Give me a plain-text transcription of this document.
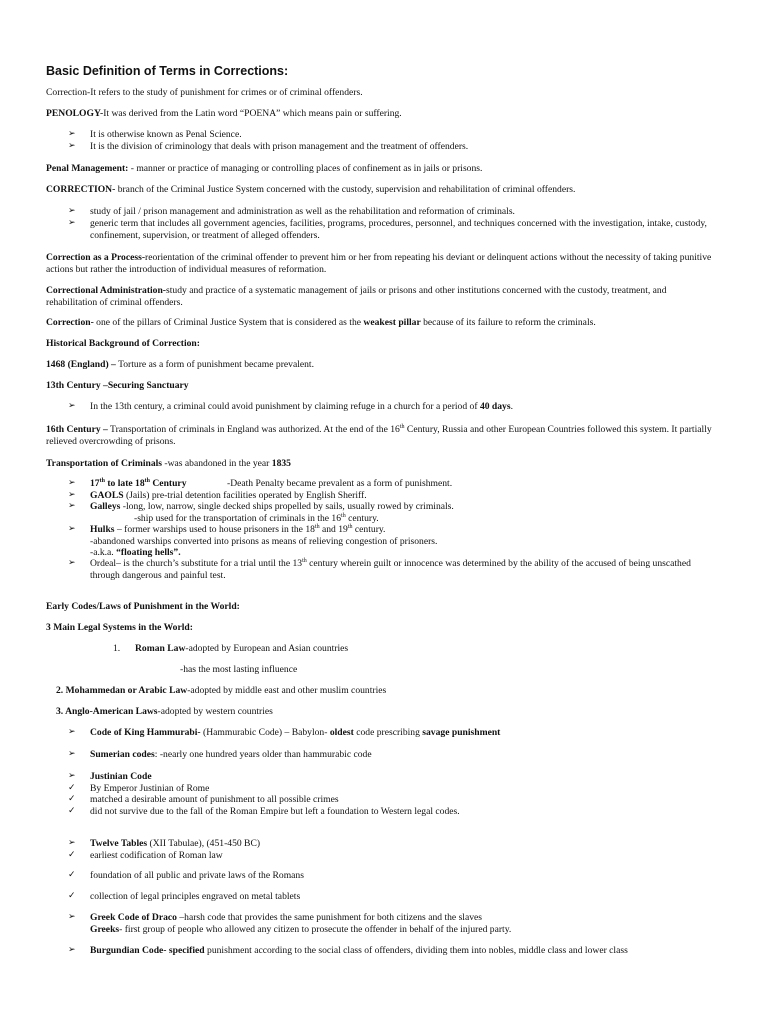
Basic Definition of Terms in Corrections:
Correction-It refers to the study of punishment for crimes or of criminal offenders.
PENOLOGY-It was derived from the Latin word “POENA” which means pain or suffering.
➢ It is otherwise known as Penal Science.
➢ It is the division of criminology that deals with prison management and the treatment of offenders.
Penal Management: - manner or practice of managing or controlling places of confinement as in jails or prisons.
CORRECTION- branch of the Criminal Justice System concerned with the custody, supervision and rehabilitation of criminal offenders.
➢ study of jail / prison management and administration as well as the rehabilitation and reformation of criminals.
➢ generic term that includes all government agencies, facilities, programs, procedures, personnel, and techniques concerned with the investigation, intake, custody, confinement, supervision, or treatment of alleged offenders.
Correction as a Process-reorientation of the criminal offender to prevent him or her from repeating his deviant or delinquent actions without the necessity of taking punitive actions but rather the introduction of individual measures of reformation.
Correctional Administration-study and practice of a systematic management of jails or prisons and other institutions concerned with the custody, treatment, and rehabilitation of criminal offenders.
Correction- one of the pillars of Criminal Justice System that is considered as the weakest pillar because of its failure to reform the criminals.
Historical Background of Correction:
1468 (England) – Torture as a form of punishment became prevalent.
13th Century –Securing Sanctuary
➢ In the 13th century, a criminal could avoid punishment by claiming refuge in a church for a period of 40 days.
16th Century – Transportation of criminals in England was authorized. At the end of the 16th Century, Russia and other European Countries followed this system. It partially relieved overcrowding of prisons.
Transportation of Criminals -was abandoned in the year 1835
➢ 17th to late 18th Century	-Death Penalty became prevalent as a form of punishment.
➢ GAOLS (Jails) pre-trial detention facilities operated by English Sheriff.
➢ Galleys -long, low, narrow, single decked ships propelled by sails, usually rowed by criminals.
-ship used for the transportation of criminals in the 16th century.
➢ Hulks – former warships used to house prisoners in the 18th and 19th century.
-abandoned warships converted into prisons as means of relieving congestion of prisoners.
-a.k.a. “floating hells”.
➢ Ordeal– is the church’s substitute for a trial until the 13th century wherein guilt or innocence was determined by the ability of the accused of being unscathed through dangerous and painful test.
Early Codes/Laws of Punishment in the World:
3 Main Legal Systems in the World:
1. Roman Law-adopted by European and Asian countries
-has the most lasting influence
2. Mohammedan or Arabic Law-adopted by middle east and other muslim countries
3. Anglo-American Laws-adopted by western countries
➢ Code of King Hammurabi- (Hammurabic Code) – Babylon- oldest code prescribing savage punishment
➢ Sumerian codes: -nearly one hundred years older than hammurabic code
➢ Justinian Code
✓ By Emperor Justinian of Rome
✓ matched a desirable amount of punishment to all possible crimes
✓ did not survive due to the fall of the Roman Empire but left a foundation to Western legal codes.
➢ Twelve Tables (XII Tabulae), (451-450 BC)
✓ earliest codification of Roman law
✓ foundation of all public and private laws of the Romans
✓ collection of legal principles engraved on metal tablets
➢ Greek Code of Draco –harsh code that provides the same punishment for both citizens and the slaves
Greeks- first group of people who allowed any citizen to prosecute the offender in behalf of the injured party.
➢ Burgundian Code- specified punishment according to the social class of offenders, dividing them into nobles, middle class and lower class
